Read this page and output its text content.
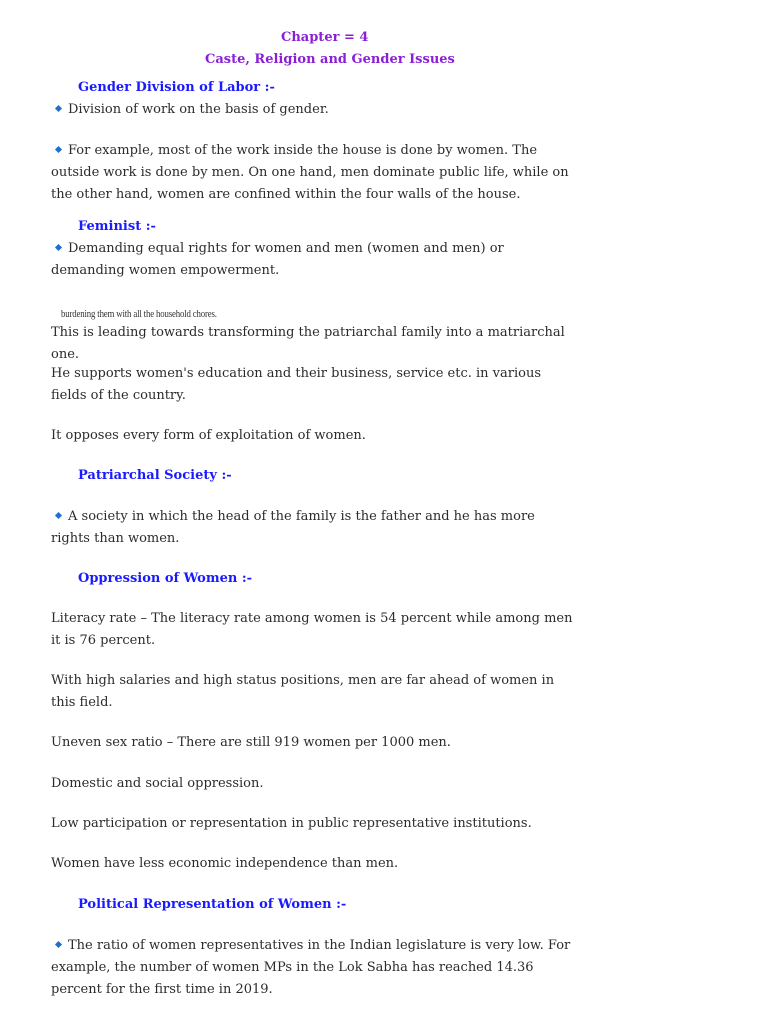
Chapter = 4
Caste, Religion and Gender Issues
Gender Division of Labor :-
Division of work on the basis of gender.
For example, most of the work inside the house is done by women. The outside work is done by men. On one hand, men dominate public life, while on the other hand, women are confined within the four walls of the house.
Feminist :-
Demanding equal rights for women and men (women and men) or demanding women empowerment.
burdening them with all the household chores.
This is leading towards transforming the patriarchal family into a matriarchal one.
He supports women's education and their business, service etc. in various fields of the country.
It opposes every form of exploitation of women.
Patriarchal Society :-
A society in which the head of the family is the father and he has more rights than women.
Oppression of Women :-
Literacy rate – The literacy rate among women is 54 percent while among men it is 76 percent.
With high salaries and high status positions, men are far ahead of women in this field.
Uneven sex ratio – There are still 919 women per 1000 men.
Domestic and social oppression.
Low participation or representation in public representative institutions.
Women have less economic independence than men.
Political Representation of Women :-
The ratio of women representatives in the Indian legislature is very low. For example, the number of women MPs in the Lok Sabha has reached 14.36 percent for the first time in 2019.
